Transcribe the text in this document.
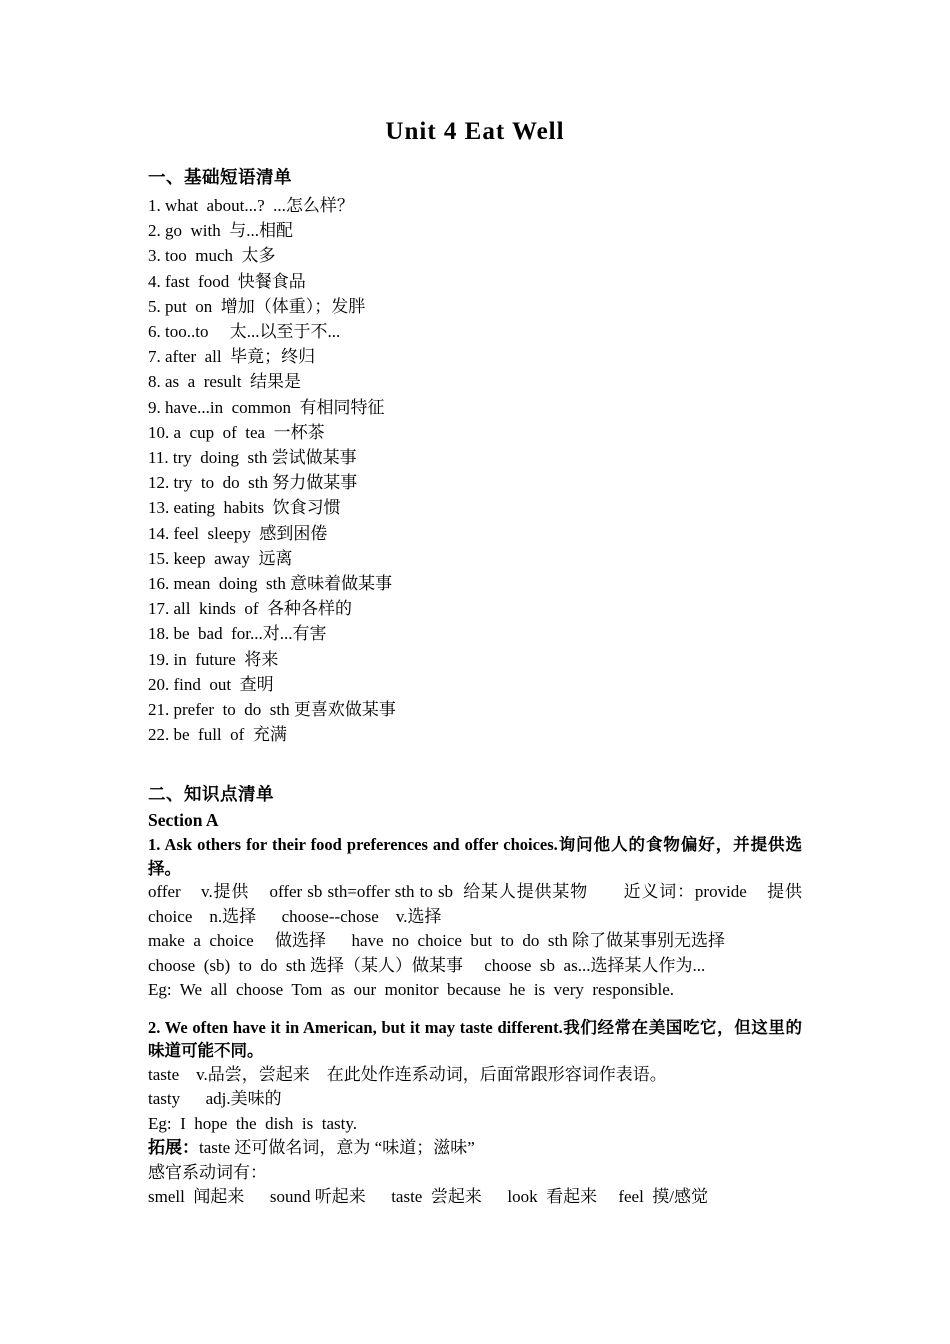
Unit 4 Eat Well
一、基础短语清单
1. what  about...?  ...怎么样？
2. go  with  与...相配
3. too  much  太多
4. fast  food  快餐食品
5. put  on  增加（体重）；发胖
6. too..to     太...以至于不...
7. after  all  毕竟；终归
8. as  a  result  结果是
9. have...in  common  有相同特征
10. a  cup  of  tea  一杯茶
11. try  doing  sth 尝试做某事
12. try  to  do  sth 努力做某事
13. eating  habits  饮食习惯
14. feel  sleepy  感到困倦
15. keep  away  远离
16. mean  doing  sth 意味着做某事
17. all  kinds  of  各种各样的
18. be  bad  for...对...有害
19. in  future  将来
20. find  out  查明
21. prefer  to  do  sth 更喜欢做某事
22. be  full  of  充满
二、知识点清单
Section A

1. Ask others for their food preferences and offer choices.询问他人的食物偏好，并提供选择。

offer    v.提供    offer sb sth=offer sth to sb  给某人提供某物       近义词：provide    提供  choice    n.选择      choose--chose    v.选择

make  a  choice     做选择      have  no  choice  but  to  do  sth 除了做某事别无选择

choose  (sb)  to  do  sth 选择（某人）做某事     choose  sb  as...选择某人作为...

Eg:  We  all  choose  Tom  as  our  monitor  because  he  is  very  responsible.

2. We often have it in American, but it may taste different.我们经常在美国吃它，但这里的味道可能不同。

taste    v.品尝，尝起来    在此处作连系动词，后面常跟形容词作表语。

tasty      adj.美味的

Eg:  I  hope  the  dish  is  tasty.

拓展：taste 还可做名词，意为 “味道；滋味”

感官系动词有：

smell  闻起来      sound 听起来      taste  尝起来      look  看起来     feel  摸/感觉
